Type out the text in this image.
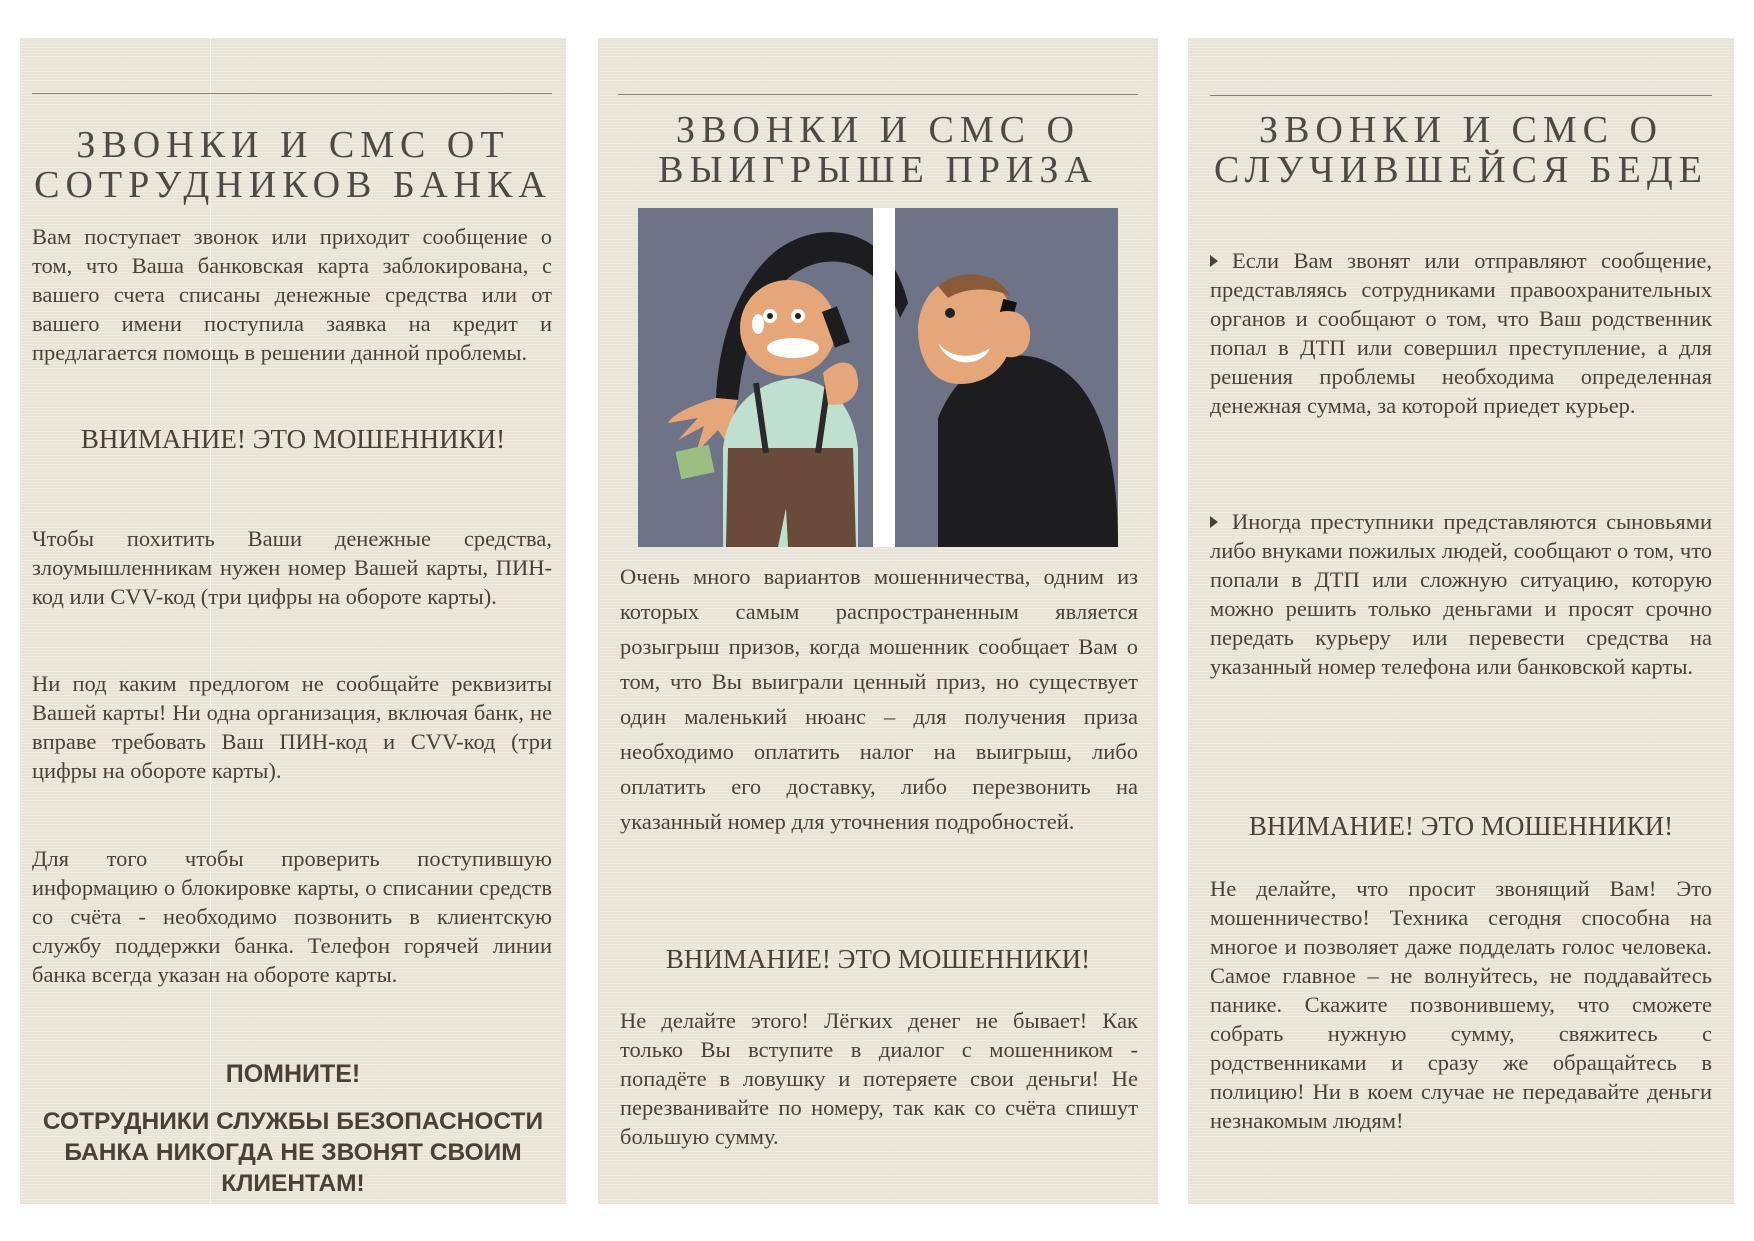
ЗВОНКИ И СМС ОТ СОТРУДНИКОВ БАНКА

Вам поступает звонок или приходит сообщение о том, что Ваша банковская карта заблокирована, с вашего счета списаны денежные средства или от вашего имени поступила заявка на кредит и предлагается помощь в решении данной проблемы.

ВНИМАНИЕ! ЭТО МОШЕННИКИ!

Чтобы похитить Ваши денежные средства, злоумышленникам нужен номер Вашей карты, ПИН-код или CVV-код (три цифры на обороте карты).

Ни под каким предлогом не сообщайте реквизиты Вашей карты! Ни одна организация, включая банк, не вправе требовать Ваш ПИН-код и CVV-код (три цифры на обороте карты).

Для того чтобы проверить поступившую информацию о блокировке карты, о списании средств со счёта - необходимо позвонить в клиентскую службу поддержки банка. Телефон горячей линии банка всегда указан на обороте карты.

ПОМНИТЕ!

СОТРУДНИКИ СЛУЖБЫ БЕЗОПАСНОСТИ БАНКА НИКОГДА НЕ ЗВОНЯТ СВОИМ КЛИЕНТАМ!

ЗВОНКИ И СМС О ВЫИГРЫШЕ ПРИЗА

Очень много вариантов мошенничества, одним из которых самым распространенным является розыгрыш призов, когда мошенник сообщает Вам о том, что Вы выиграли ценный приз, но существует один маленький нюанс – для получения приза необходимо оплатить налог на выигрыш, либо оплатить его доставку, либо перезвонить на указанный номер для уточнения подробностей.

ВНИМАНИЕ! ЭТО МОШЕННИКИ!

Не делайте этого! Лёгких денег не бывает! Как только Вы вступите в диалог с мошенником - попадёте в ловушку и потеряете свои деньги! Не перезванивайте по номеру, так как со счёта спишут большую сумму.

ЗВОНКИ И СМС О СЛУЧИВШЕЙСЯ БЕДЕ
Если Вам звонят или отправляют сообщение, представляясь сотрудниками правоохранительных органов и сообщают о том, что Ваш родственник попал в ДТП или совершил преступление, а для решения проблемы необходима определенная денежная сумма, за которой приедет курьер.
Иногда преступники представляются сыновьями либо внуками пожилых людей, сообщают о том, что попали в ДТП или сложную ситуацию, которую можно решить только деньгами и просят срочно передать курьеру или перевести средства на указанный номер телефона или банковской карты.

ВНИМАНИЕ! ЭТО МОШЕННИКИ!

Не делайте, что просит звонящий Вам! Это мошенничество! Техника сегодня способна на многое и позволяет даже подделать голос человека. Самое главное – не волнуйтесь, не поддавайтесь панике. Скажите позвонившему, что сможете собрать нужную сумму, свяжитесь с родственниками и сразу же обращайтесь в полицию! Ни в коем случае не передавайте деньги незнакомым людям!
